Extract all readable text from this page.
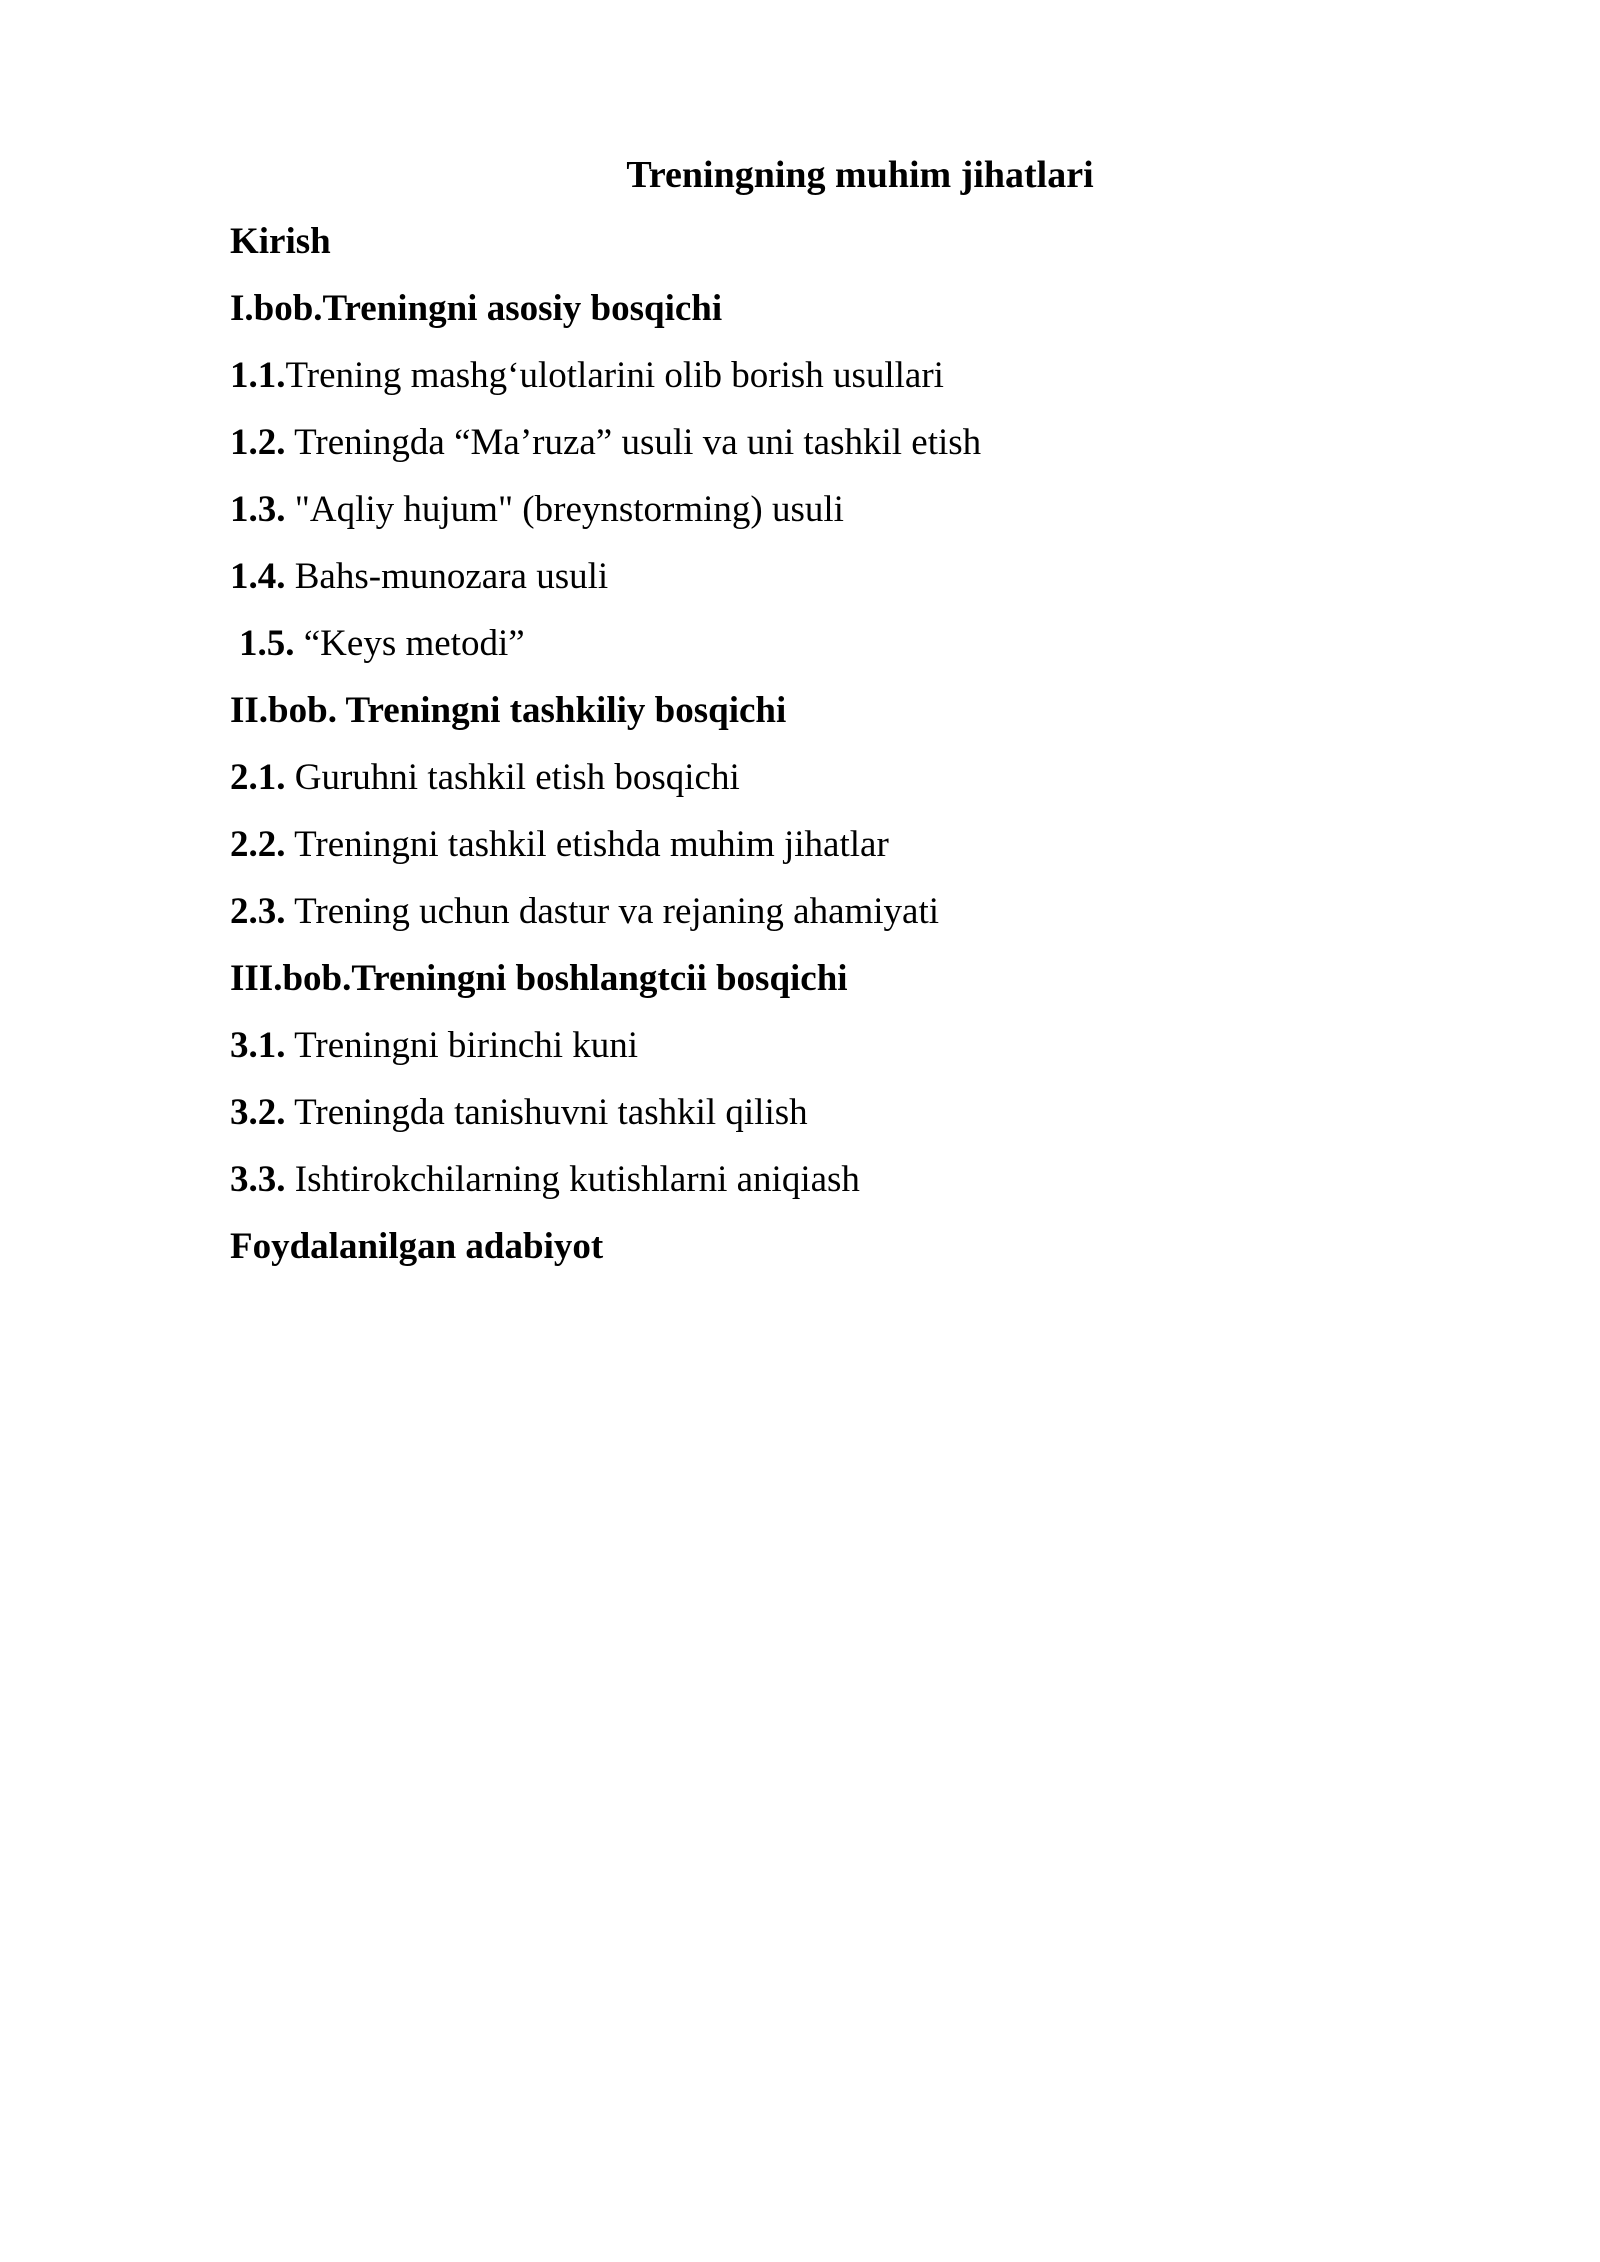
Treningning muhim jihatlari
Kirish
I.bob.Treningni asosiy bosqichi
1.1.Trening mashg‘ulotlarini olib borish usullari
1.2. Treningda “Ma’ruza” usuli va uni tashkil etish
1.3. "Aqliy hujum" (breynstorming) usuli
1.4. Bahs-munozara usuli
1.5. “Keys metodi”
II.bob. Treningni tashkiliy bosqichi
2.1. Guruhni tashkil etish bosqichi
2.2. Treningni tashkil etishda muhim jihatlar
2.3. Trening uchun dastur va rejaning ahamiyati
III.bob.Treningni boshlangtcii bosqichi
3.1. Treningni birinchi kuni
3.2. Treningda tanishuvni tashkil qilish
3.3. Ishtirokchilarning kutishlarni aniqiash
Foydalanilgan adabiyot
